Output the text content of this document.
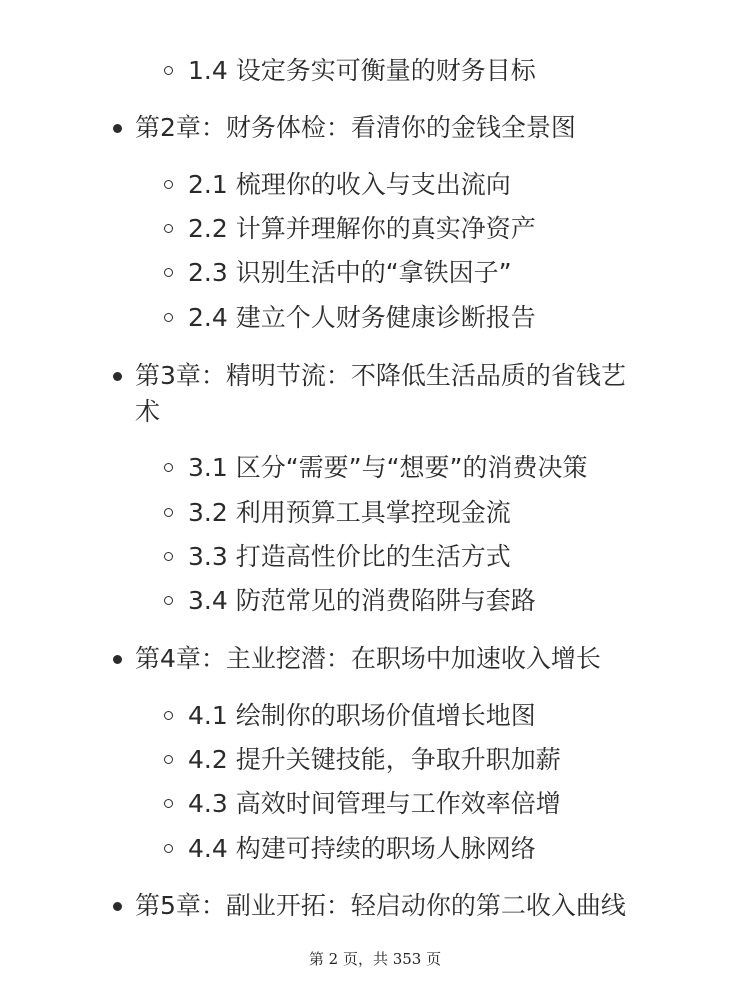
1.4 设定务实可衡量的财务目标
第2章：财务体检：看清你的金钱全景图
2.1 梳理你的收入与支出流向
2.2 计算并理解你的真实净资产
2.3 识别生活中的“拿铁因子”
2.4 建立个人财务健康诊断报告
第3章：精明节流：不降低生活品质的省钱艺
术
3.1 区分“需要”与“想要”的消费决策
3.2 利用预算工具掌控现金流
3.3 打造高性价比的生活方式
3.4 防范常见的消费陷阱与套路
第4章：主业挖潜：在职场中加速收入增长
4.1 绘制你的职场价值增长地图
4.2 提升关键技能，争取升职加薪
4.3 高效时间管理与工作效率倍增
4.4 构建可持续的职场人脉网络
第5章：副业开拓：轻启动你的第二收入曲线
第 2 页，共 353 页
